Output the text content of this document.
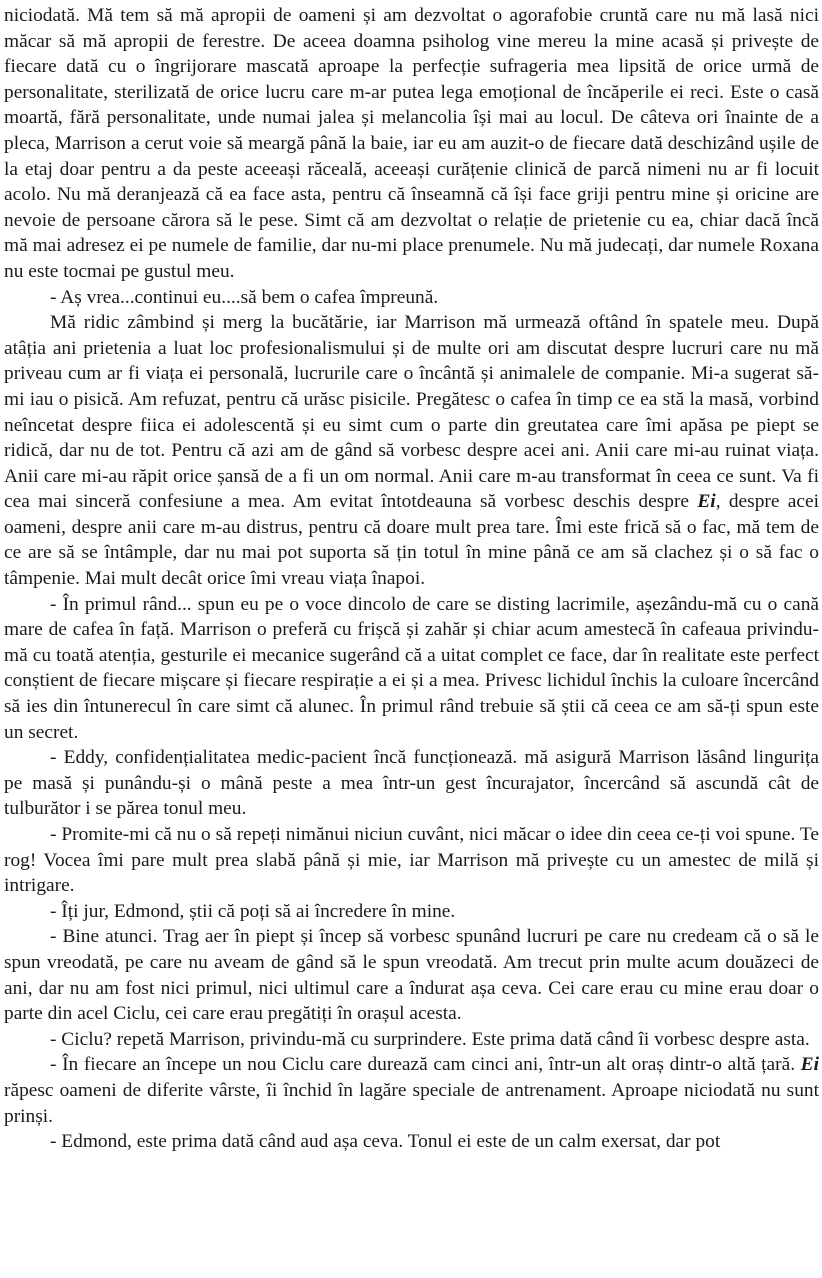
niciodată. Mă tem să mă apropii de oameni și am dezvoltat o agorafobie cruntă care nu mă lasă nici măcar să mă apropii de ferestre. De aceea doamna psiholog vine mereu la mine acasă și privește de fiecare dată cu o îngrijorare mascată aproape la perfecție sufrageria mea lipsită de orice urmă de personalitate, sterilizată de orice lucru care m-ar putea lega emoțional de încăperile ei reci. Este o casă moartă, fără personalitate, unde numai jalea și melancolia își mai au locul. De câteva ori înainte de a pleca, Marrison a cerut voie să meargă până la baie, iar eu am auzit-o de fiecare dată deschizând ușile de la etaj doar pentru a da peste aceeași răceală, aceeași curățenie clinică de parcă nimeni nu ar fi locuit acolo. Nu mă deranjează că ea face asta, pentru că înseamnă că își face griji pentru mine și oricine are nevoie de persoane cărora să le pese. Simt că am dezvoltat o relație de prietenie cu ea, chiar dacă încă mă mai adresez ei pe numele de familie, dar nu-mi place prenumele. Nu mă judecați, dar numele Roxana nu este tocmai pe gustul meu.

- Aș vrea...continui eu....să bem o cafea împreună.

Mă ridic zâmbind și merg la bucătărie, iar Marrison mă urmează oftând în spatele meu. După atâția ani prietenia a luat loc profesionalismului și de multe ori am discutat despre lucruri care nu mă priveau cum ar fi viața ei personală, lucrurile care o încântă și animalele de companie. Mi-a sugerat să-mi iau o pisică. Am refuzat, pentru că urăsc pisicile. Pregătesc o cafea în timp ce ea stă la masă, vorbind neîncetat despre fiica ei adolescentă și eu simt cum o parte din greutatea care îmi apăsa pe piept se ridică, dar nu de tot. Pentru că azi am de gând să vorbesc despre acei ani. Anii care mi-au ruinat viața. Anii care mi-au răpit orice șansă de a fi un om normal. Anii care m-au transformat în ceea ce sunt. Va fi cea mai sinceră confesiune a mea. Am evitat întotdeauna să vorbesc deschis despre Ei, despre acei oameni, despre anii care m-au distrus, pentru că doare mult prea tare. Îmi este frică să o fac, mă tem de ce are să se întâmple, dar nu mai pot suporta să țin totul în mine până ce am să clachez și o să fac o tâmpenie. Mai mult decât orice îmi vreau viața înapoi.

- În primul rând... spun eu pe o voce dincolo de care se disting lacrimile, așezându-mă cu o cană mare de cafea în față. Marrison o preferă cu frișcă și zahăr și chiar acum amestecă în cafeaua privindu-mă cu toată atenția, gesturile ei mecanice sugerând că a uitat complet ce face, dar în realitate este perfect conștient de fiecare mișcare și fiecare respirație a ei și a mea. Privesc lichidul închis la culoare încercând să ies din întunerecul în care simt că alunec. În primul rând trebuie să știi că ceea ce am să-ți spun este un secret.

- Eddy, confidențialitatea medic-pacient încă funcționează. mă asigură Marrison lăsând lingurița pe masă și punându-și o mână peste a mea într-un gest încurajator, încercând să ascundă cât de tulburător i se părea tonul meu.

- Promite-mi că nu o să repeți nimănui niciun cuvânt, nici măcar o idee din ceea ce-ți voi spune. Te rog! Vocea îmi pare mult prea slabă până și mie, iar Marrison mă privește cu un amestec de milă și intrigare.

- Îți jur, Edmond, știi că poți să ai încredere în mine.

- Bine atunci. Trag aer în piept și încep să vorbesc spunând lucruri pe care nu credeam că o să le spun vreodată, pe care nu aveam de gând să le spun vreodată. Am trecut prin multe acum douăzeci de ani, dar nu am fost nici primul, nici ultimul care a îndurat așa ceva. Cei care erau cu mine erau doar o parte din acel Ciclu, cei care erau pregătiți în orașul acesta.

- Ciclu? repetă Marrison, privindu-mă cu surprindere. Este prima dată când îi vorbesc despre asta.

- În fiecare an începe un nou Ciclu care durează cam cinci ani, într-un alt oraș dintr-o altă țară. Ei răpesc oameni de diferite vârste, îi închid în lagăre speciale de antrenament. Aproape niciodată nu sunt prinși.

- Edmond, este prima dată când aud așa ceva. Tonul ei este de un calm exersat, dar pot
